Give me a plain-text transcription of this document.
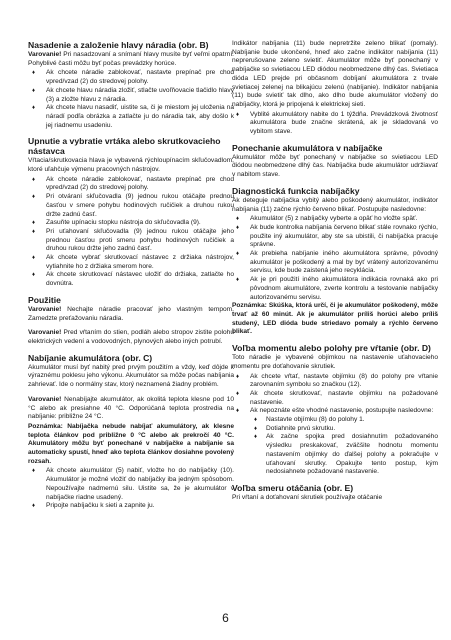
Nasadenie a založenie hlavy náradia (obr. B)

Varovanie! Pri nasadzovaní a snímaní hlavy musíte byť veľmi opatrní. Pohyblivé časti môžu byť počas prevádzky horúce.

♦ Ak chcete náradie zablokovať, nastavte prepínač pre chod vpred/vzad (2) do stredovej polohy.
♦ Ak chcete hlavu náradia zložiť, stlačte uvoľňovacie tlačidlo hlavy (3) a zložte hlavu z náradia.
♦ Ak chcete hlavu nasadiť, uistite sa, či je miestom jej uloženia na náradí podľa obrázka a zatlačte ju do náradia tak, aby došlo k jej riadnemu usadeniu.
Upnutie a vybratie vrtáka alebo skrutkovacieho nástavca

Vŕtacia/skrutkovacia hlava je vybavená rýchloupínacím skľučovadlom, ktoré uľahčuje výmenu pracovných nástrojov.

♦ Ak chcete náradie zablokovať, nastavte prepínač pre chod vpred/vzad (2) do stredovej polohy.
♦ Pri otváraní skľučovadla (9) jednou rukou otáčajte prednou časťou v smere pohybu hodinových ručičiek a druhou rukou držte zadnú časť.
♦ Zasuňte upínaciu stopku nástroja do skľučovadla (9).
♦ Pri uťahovaní skľučovadla (9) jednou rukou otáčajte jeho prednou časťou proti smeru pohybu hodinových ručičiek a druhou rukou držte jeho zadnú časť.
♦ Ak chcete vybrať skrutkovací nástavec z držiaka nástrojov, vytiahnite ho z držiaka smerom hore.
♦ Ak chcete skrutkovací nástavec uložiť do držiaka, zatlačte ho dovnútra.
Použitie

Varovanie! Nechajte náradie pracovať jeho vlastným tempom. Zamedzte preťažovaniu náradia.

Varovanie! Pred vŕtaním do stien, podláh alebo stropov zistite polohu elektrických vedení a vodovodných, plynových alebo iných potrubí.

Nabíjanie akumulátora (obr. C)

Akumulátor musí byť nabitý pred prvým použitím a vždy, keď dôjde k výraznému poklesu jeho výkonu. Akumulátor sa môže počas nabíjania zahrievať. Ide o normálny stav, ktorý neznamená žiadny problém.

Varovanie! Nenabíjajte akumulátor, ak okolitá teplota klesne pod 10 °C alebo ak presiahne 40 °C. Odporúčaná teplota prostredia na nabíjanie: približne 24 °C.

Poznámka: Nabíjačka nebude nabíjať akumulátory, ak klesne teplota článkov pod približne 0 °C alebo ak prekročí 40 °C. Akumulátory môžu byť ponechané v nabíjačke a nabíjanie sa automaticky spustí, hneď ako teplota článkov dosiahne povolený rozsah.

♦ Ak chcete akumulátor (5) nabiť, vložte ho do nabíjačky (10). Akumulátor je možné vložiť do nabíjačky iba jedným spôsobom. Nepoužívajte nadmernú silu. Uistite sa, že je akumulátor v nabíjačke riadne usadený.
♦ Pripojte nabíjačku k sieti a zapnite ju.

Indikátor nabíjania (11) bude nepretržite zeleno blikať (pomaly). Nabíjanie bude ukončené, hneď ako začne indikátor nabíjania (11) neprerušovane zeleno svietiť. Akumulátor môže byť ponechaný v nabíjačke so svietiacou LED diódou neobmedzene dlhý čas. Svietiaca dióda LED prejde pri občasnom dobíjaní akumulátora z trvale svietiacej zelenej na blikajúcu zelenú (nabíjanie). Indikátor nabíjania (11) bude svietiť tak dlho, ako dlho bude akumulátor vložený do nabíjačky, ktorá je pripojená k elektrickej sieti.

♦ Vyblité akumulátory nabite do 1 týždňa. Prevádzková životnosť akumulátora bude značne skrátená, ak je skladovaná vo vybitom stave.
Ponechanie akumulátora v nabíjačke

Akumulátor môže byť ponechaný v nabíjačke so svietiacou LED diódou neobmedzene dlhý čas. Nabíjačka bude akumulátor udržiavať v nabitom stave.

Diagnostická funkcia nabíjačky

Ak deteguje nabíjačka vybitý alebo poškodený akumulátor, indikátor nabíjania (11) začne rýchlo červeno blikať. Postupujte nasledovne:

♦ Akumulátor (5) z nabíjačky vyberte a opäť ho vložte späť.
♦ Ak bude kontrolka nabíjania červeno blikať stále rovnako rýchlo, použite iný akumulátor, aby ste sa ubistili, či nabíjačka pracuje správne.
♦ Ak prebieha nabíjanie iného akumulátora správne, pôvodný akumulátor je poškodený a mal by byť vrátený autorizovanému servisu, kde bude zaistená jeho recyklácia.
♦ Ak je pri použití iného akumulátora indikácia rovnaká ako pri pôvodnom akumulátore, zverte kontrolu a testovanie nabíjačky autorizovanému servisu.

Poznámka: Skúška, ktorá určí, či je akumulátor poškodený, môže trvať až 60 minút. Ak je akumulátor príliš horúci alebo príliš studený, LED dióda bude striedavo pomaly a rýchlo červeno blikať.

Voľba momentu alebo polohy pre vŕtanie (obr. D)

Toto náradie je vybavené objímkou na nastavenie uťahovacieho momentu pre doťahovanie skrutiek.

♦ Ak chcete vŕtať, nastavte objímku (8) do polohy pre vŕtanie zarovnaním symbolu so značkou (12).
♦ Ak chcete skrutkovať, nastavte objímku na požadované nastavenie.
♦ Ak nepoznáte ešte vhodné nastavenie, postupujte nasledovne:
♦ Nastavte objímku (8) do polohy 1.
♦ Dotiahnite prvú skrutku.
♦ Ak začne spojka pred dosiahnutím požadovaného výsledku preskakovať, zväčšite hodnotu momentu nastavením objímky do ďalšej polohy a pokračujte v uťahovaní skrutky. Opakujte tento postup, kým nedosiahnete požadované nastavenie.
Voľba smeru otáčania (obr. E)

Pri vŕtaní a doťahovaní skrutiek používajte otáčanie

6
